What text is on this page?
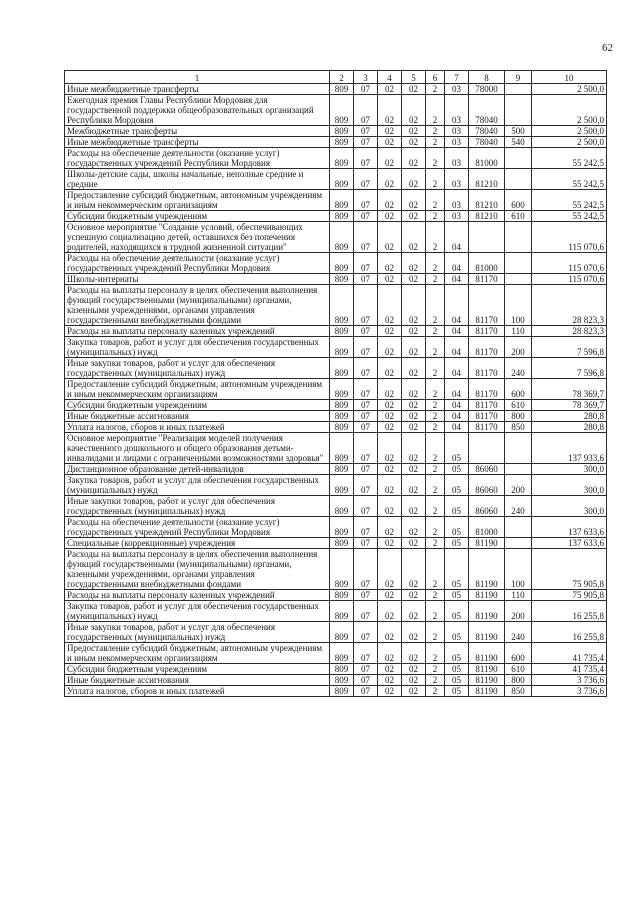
62
1	2	3	4	5	6	7	8	9	10
Иные межбюджетные трансферты	809	07	02	02	2	03	78000		2 500,0
Ежегодная премия Главы Республики Мордовия для государственной поддержки общеобразовательных организаций Республики Мордовия	809	07	02	02	2	03	78040		2 500,0
Межбюджетные трансферты	809	07	02	02	2	03	78040	500	2 500,0
Иные межбюджетные трансферты	809	07	02	02	2	03	78040	540	2 500,0
Расходы на обеспечение деятельности (оказание услуг) государственных учреждений Республики Мордовия	809	07	02	02	2	03	81000		55 242,5
Школы-детские сады, школы начальные, неполные средние и средние	809	07	02	02	2	03	81210		55 242,5
Предоставление субсидий бюджетным, автономным учреждениям и иным некоммерческим организациям	809	07	02	02	2	03	81210	600	55 242,5
Субсидии бюджетным учреждениям	809	07	02	02	2	03	81210	610	55 242,5
Основное мероприятие "Создание условий, обеспечивающих успешную социализацию детей, оставшихся без попечения родителей, находящихся в трудной жизненной ситуации"	809	07	02	02	2	04			115 070,6
Расходы на обеспечение деятельности (оказание услуг) государственных учреждений Республики Мордовия	809	07	02	02	2	04	81000		115 070,6
Школы-интернаты	809	07	02	02	2	04	81170		115 070,6
Расходы на выплаты персоналу в целях обеспечения выполнения функций государственными (муниципальными) органами, казенными учреждениями, органами управления государственными внебюджетными фондами	809	07	02	02	2	04	81170	100	28 823,3
Расходы на выплаты персоналу казенных учреждений	809	07	02	02	2	04	81170	110	28 823,3
Закупка товаров, работ и услуг для обеспечения государственных (муниципальных) нужд	809	07	02	02	2	04	81170	200	7 596,8
Иные закупки товаров, работ и услуг для обеспечения государственных (муниципальных) нужд	809	07	02	02	2	04	81170	240	7 596,8
Предоставление субсидий бюджетным, автономным учреждениям и иным некоммерческим организациям	809	07	02	02	2	04	81170	600	78 369,7
Субсидии бюджетным учреждениям	809	07	02	02	2	04	81170	610	78 369,7
Иные бюджетные ассигнования	809	07	02	02	2	04	81170	800	280,8
Уплата налогов, сборов и иных платежей	809	07	02	02	2	04	81170	850	280,8
Основное мероприятие "Реализация моделей получения качественного дошкольного и общего образования детьми-инвалидами и лицами с ограниченными возможностями здоровья"	809	07	02	02	2	05			137 933,6
Дистанционное образование детей-инвалидов	809	07	02	02	2	05	86060		300,0
Закупка товаров, работ и услуг для обеспечения государственных (муниципальных) нужд	809	07	02	02	2	05	86060	200	300,0
Иные закупки товаров, работ и услуг для обеспечения государственных (муниципальных) нужд	809	07	02	02	2	05	86060	240	300,0
Расходы на обеспечение деятельности (оказание услуг) государственных учреждений Республики Мордовия	809	07	02	02	2	05	81000		137 633,6
Специальные (коррекционные) учреждения	809	07	02	02	2	05	81190		137 633,6
Расходы на выплаты персоналу в целях обеспечения выполнения функций государственными (муниципальными) органами, казенными учреждениями, органами управления государственными внебюджетными фондами	809	07	02	02	2	05	81190	100	75 905,8
Расходы на выплаты персоналу казенных учреждений	809	07	02	02	2	05	81190	110	75 905,8
Закупка товаров, работ и услуг для обеспечения государственных (муниципальных) нужд	809	07	02	02	2	05	81190	200	16 255,8
Иные закупки товаров, работ и услуг для обеспечения государственных (муниципальных) нужд	809	07	02	02	2	05	81190	240	16 255,8
Предоставление субсидий бюджетным, автономным учреждениям и иным некоммерческим организациям	809	07	02	02	2	05	81190	600	41 735,4
Субсидии бюджетным учреждениям	809	07	02	02	2	05	81190	610	41 735,4
Иные бюджетные ассигнования	809	07	02	02	2	05	81190	800	3 736,6
Уплата налогов, сборов и иных платежей	809	07	02	02	2	05	81190	850	3 736,6
